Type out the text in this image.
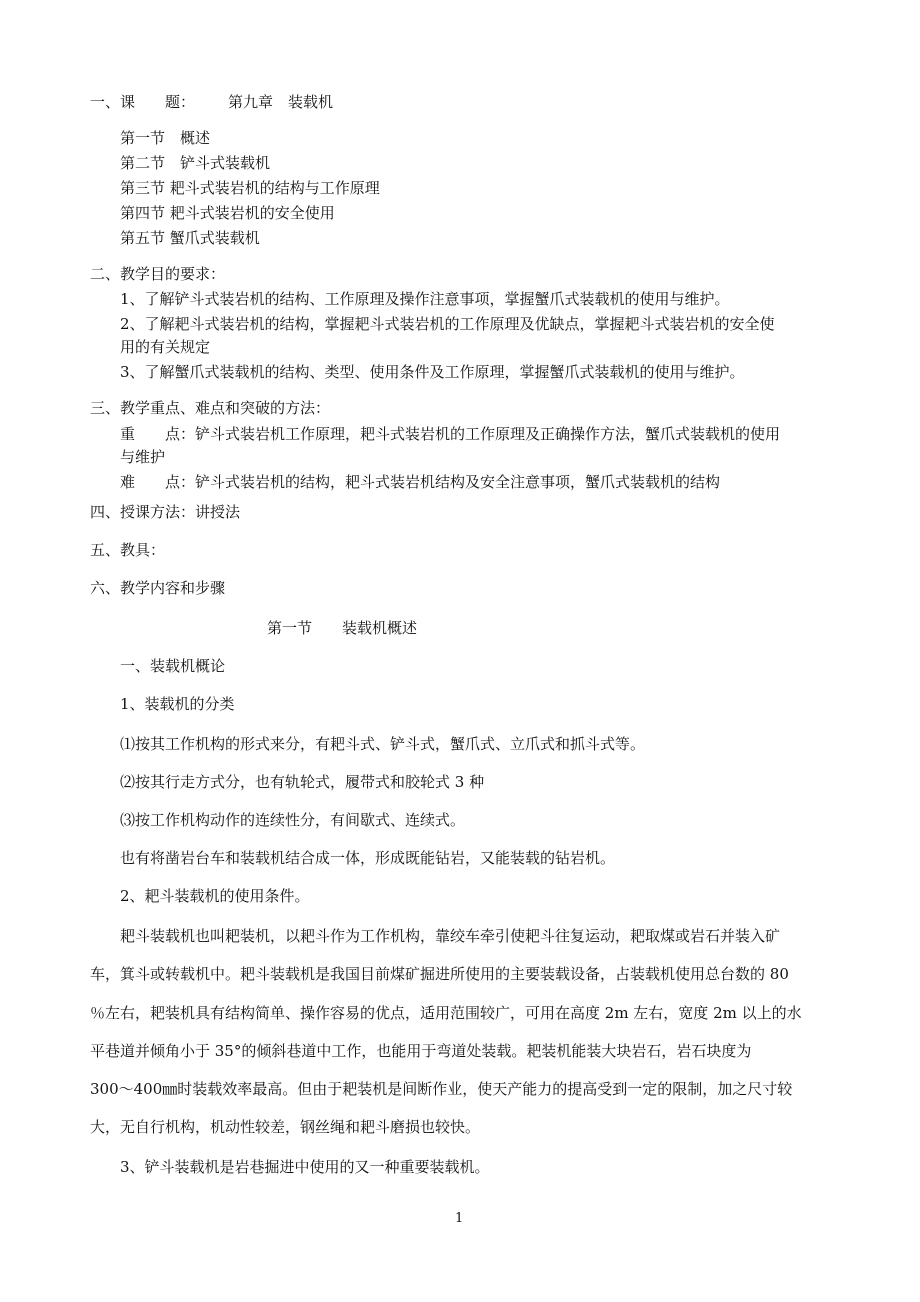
一、课　　题： 第九章　装载机
第一节　概述
第二节　铲斗式装载机
第三节 耙斗式装岩机的结构与工作原理
第四节 耙斗式装岩机的安全使用
第五节 蟹爪式装载机
二、教学目的要求：
1、了解铲斗式装岩机的结构、工作原理及操作注意事项，掌握蟹爪式装载机的使用与维护。
2、了解耙斗式装岩机的结构，掌握耙斗式装岩机的工作原理及优缺点，掌握耙斗式装岩机的安全使
用的有关规定
3、了解蟹爪式装载机的结构、类型、使用条件及工作原理，掌握蟹爪式装载机的使用与维护。
三、教学重点、难点和突破的方法：
重　　点：铲斗式装岩机工作原理，耙斗式装岩机的工作原理及正确操作方法，蟹爪式装载机的使用
与维护
难　　点：铲斗式装岩机的结构，耙斗式装岩机结构及安全注意事项，蟹爪式装载机的结构
四、授课方法：讲授法
五、教具：
六、教学内容和步骤
第一节　　装载机概述
一、装载机概论
1、装载机的分类
⑴按其工作机构的形式来分，有耙斗式、铲斗式，蟹爪式、立爪式和抓斗式等。
⑵按其行走方式分，也有轨轮式，履带式和胶轮式 3 种
⑶按工作机构动作的连续性分，有间歇式、连续式。
也有将凿岩台车和装载机结合成一体，形成既能钻岩，又能装载的钻岩机。
2、耙斗装载机的使用条件。
耙斗装载机也叫耙装机，以耙斗作为工作机构，靠绞车牵引使耙斗往复运动，耙取煤或岩石并装入矿
车，箕斗或转载机中。耙斗装载机是我国目前煤矿掘进所使用的主要装载设备，占装载机使用总台数的 80
％左右，耙装机具有结构简单、操作容易的优点，适用范围较广，可用在高度 2m 左右，宽度 2m 以上的水
平巷道并倾角小于 35°的倾斜巷道中工作，也能用于弯道处装载。耙装机能装大块岩石，岩石块度为
300～400㎜时装载效率最高。但由于耙装机是间断作业，使天产能力的提高受到一定的限制，加之尺寸较
大，无自行机构，机动性较差，钢丝绳和耙斗磨损也较快。
3、铲斗装载机是岩巷掘进中使用的又一种重要装载机。
1
